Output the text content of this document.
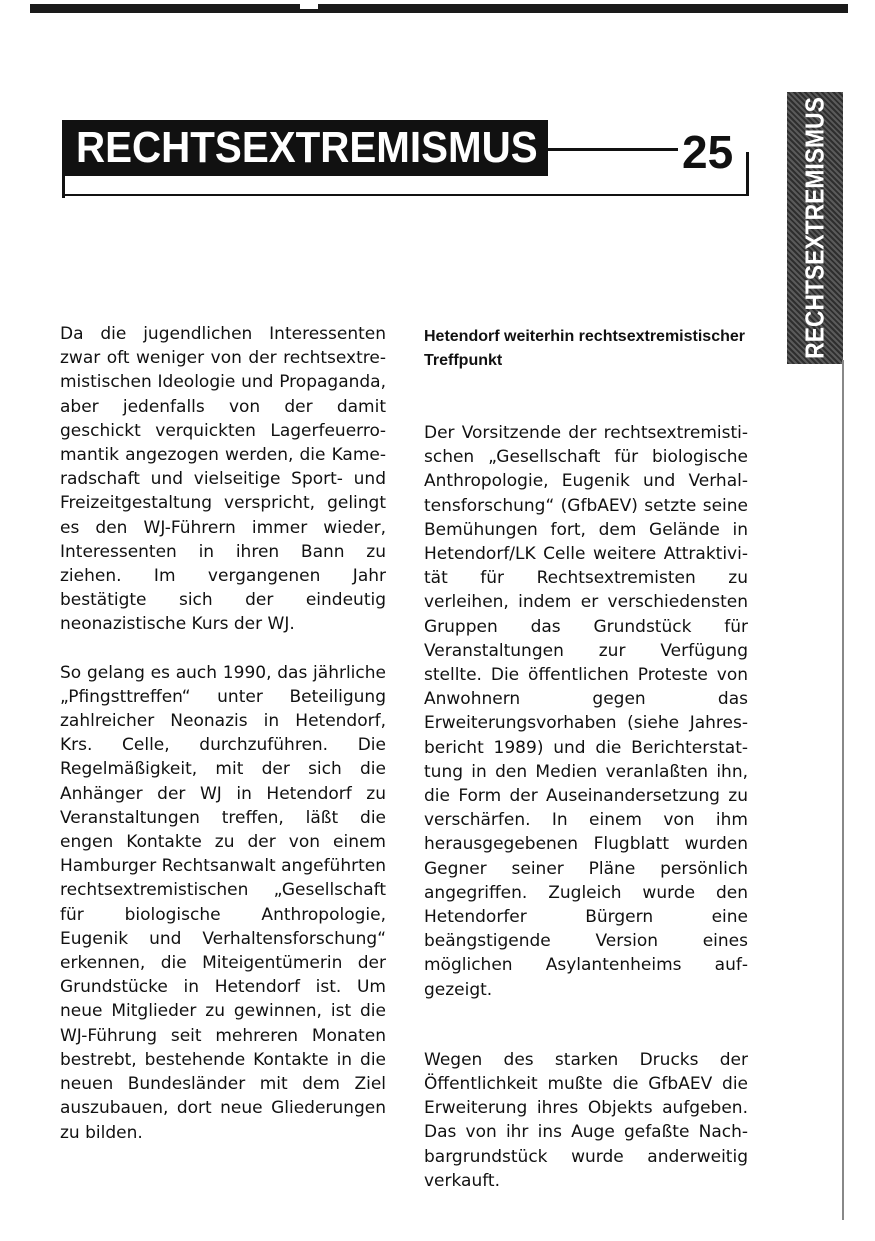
RECHTSEXTREMISMUS	25	RECHTSEXTREMISMUS

Da die jugendlichen Interessenten zwar oft weniger von der rechtsextremistischen Ideologie und Propaganda, aber jedenfalls von der damit geschickt verquickten Lagerfeuerromantik angezogen werden, die Kameradschaft und vielseitige Sport- und Freizeitgestaltung verspricht, gelingt es den WJ-Führern immer wieder, Interessenten in ihren Bann zu ziehen. Im vergangenen Jahr bestätigte sich der eindeutig neonazistische Kurs der WJ.

So gelang es auch 1990, das jährliche „Pfingsttreffen“ unter Beteiligung zahlreicher Neonazis in Hetendorf, Krs. Celle, durchzuführen. Die Regelmäßigkeit, mit der sich die Anhänger der WJ in Hetendorf zu Veranstaltungen treffen, läßt die engen Kontakte zu der von einem Hamburger Rechtsanwalt angeführten rechtsextremistischen „Gesellschaft für biologische Anthropologie, Eugenik und Verhaltensforschung“ erkennen, die Miteigentümerin der Grundstücke in Hetendorf ist. Um neue Mitglieder zu gewinnen, ist die WJ-Führung seit mehreren Monaten bestrebt, bestehende Kontakte in die neuen Bundesländer mit dem Ziel auszubauen, dort neue Gliederungen zu bilden.

Hetendorf weiterhin rechtsextremistischer Treffpunkt

Der Vorsitzende der rechtsextremistischen „Gesellschaft für biologische Anthropologie, Eugenik und Verhaltensforschung“ (GfbAEV) setzte seine Bemühungen fort, dem Gelände in Hetendorf/LK Celle weitere Attraktivität für Rechtsextremisten zu verleihen, indem er verschiedensten Gruppen das Grundstück für Veranstaltungen zur Verfügung stellte. Die öffentlichen Proteste von Anwohnern gegen das Erweiterungsvorhaben (siehe Jahresbericht 1989) und die Berichterstattung in den Medien veranlaßten ihn, die Form der Auseinandersetzung zu verschärfen. In einem von ihm herausgegebenen Flugblatt wurden Gegner seiner Pläne persönlich angegriffen. Zugleich wurde den Hetendorfer Bürgern eine beängstigende Version eines möglichen Asylantenheims aufgezeigt.

Wegen des starken Drucks der Öffentlichkeit mußte die GfbAEV die Erweiterung ihres Objekts aufgeben. Das von ihr ins Auge gefaßte Nachbargrundstück wurde anderweitig verkauft.
